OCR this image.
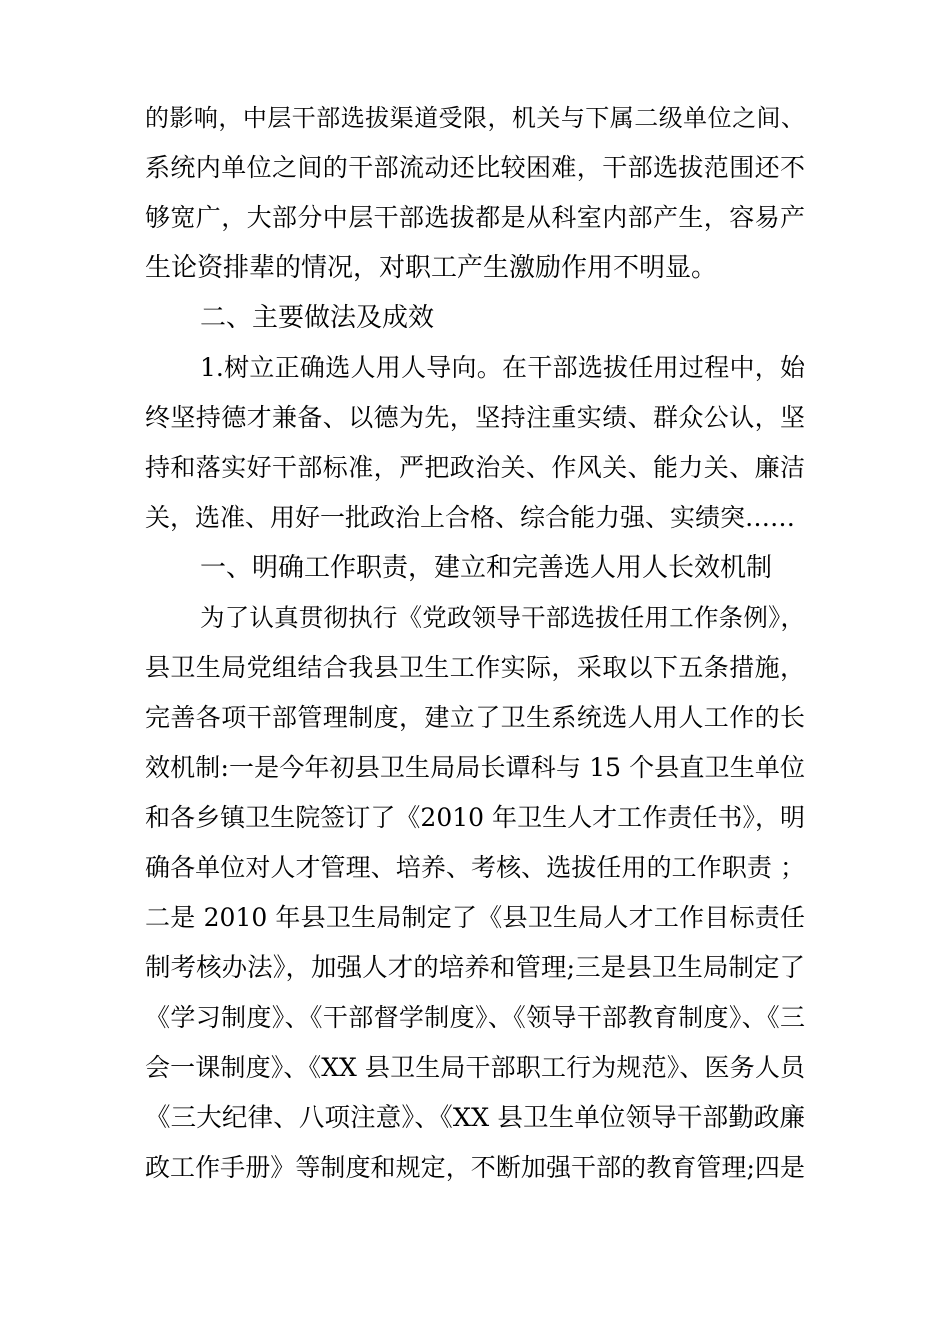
的影响，中层干部选拔渠道受限，机关与下属二级单位之间、
系统内单位之间的干部流动还比较困难，干部选拔范围还不
够宽广，大部分中层干部选拔都是从科室内部产生，容易产
生论资排辈的情况，对职工产生激励作用不明显。
二、主要做法及成效
1.树立正确选人用人导向。在干部选拔任用过程中，始
终坚持德才兼备、以德为先，坚持注重实绩、群众公认，坚
持和落实好干部标准，严把政治关、作风关、能力关、廉洁
关，选准、用好一批政治上合格、综合能力强、实绩突……
一、明确工作职责，建立和完善选人用人长效机制
为了认真贯彻执行《党政领导干部选拔任用工作条例》，
县卫生局党组结合我县卫生工作实际，采取以下五条措施，
完善各项干部管理制度，建立了卫生系统选人用人工作的长
效机制:一是今年初县卫生局局长谭科与 15 个县直卫生单位
和各乡镇卫生院签订了《2010 年卫生人才工作责任书》，明
确各单位对人才管理、培养、考核、选拔任用的工作职责 ；
二是 2010 年县卫生局制定了《县卫生局人才工作目标责任
制考核办法》，加强人才的培养和管理;三是县卫生局制定了
《学习制度》、《干部督学制度》、《领导干部教育制度》、《三
会一课制度》、《XX 县卫生局干部职工行为规范》、医务人员
《三大纪律、八项注意》、《XX 县卫生单位领导干部勤政廉
政工作手册》等制度和规定，不断加强干部的教育管理;四是
